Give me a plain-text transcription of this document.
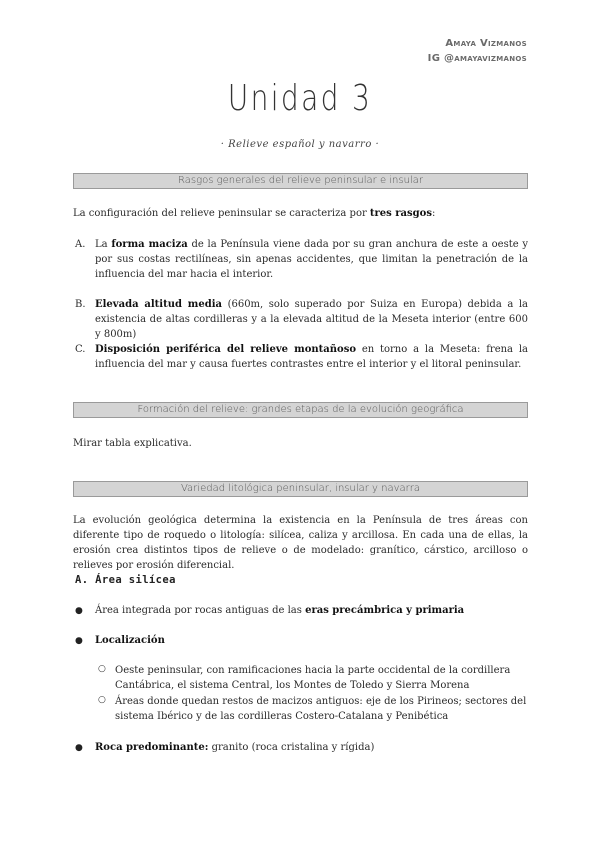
Amaya Vizmanos
IG @amayavizmanos
Unidad 3
· Relieve español y navarro ·
Rasgos generales del relieve peninsular e insular
La configuración del relieve peninsular se caracteriza por tres rasgos:
A. La forma maciza de la Península viene dada por su gran anchura de este a oeste y por sus costas rectilíneas, sin apenas accidentes, que limitan la penetración de la influencia del mar hacia el interior.
B. Elevada altitud media (660m, solo superado por Suiza en Europa) debida a la existencia de altas cordilleras y a la elevada altitud de la Meseta interior (entre 600 y 800m)
C. Disposición periférica del relieve montañoso en torno a la Meseta: frena la influencia del mar y causa fuertes contrastes entre el interior y el litoral peninsular.
Formación del relieve: grandes etapas de la evolución geográfica
Mirar tabla explicativa.
Variedad litológica peninsular, insular y navarra
La evolución geológica determina la existencia en la Península de tres áreas con diferente tipo de roquedo o litología: silícea, caliza y arcillosa. En cada una de ellas, la erosión crea distintos tipos de relieve o de modelado: granítico, cárstico, arcilloso o relieves por erosión diferencial.
A. Área silícea
● Área integrada por rocas antiguas de las eras precámbrica y primaria
● Localización
○ Oeste peninsular, con ramificaciones hacia la parte occidental de la cordillera Cantábrica, el sistema Central, los Montes de Toledo y Sierra Morena
○ Áreas donde quedan restos de macizos antiguos: eje de los Pirineos; sectores del sistema Ibérico y de las cordilleras Costero-Catalana y Penibética
● Roca predominante: granito (roca cristalina y rígida)
